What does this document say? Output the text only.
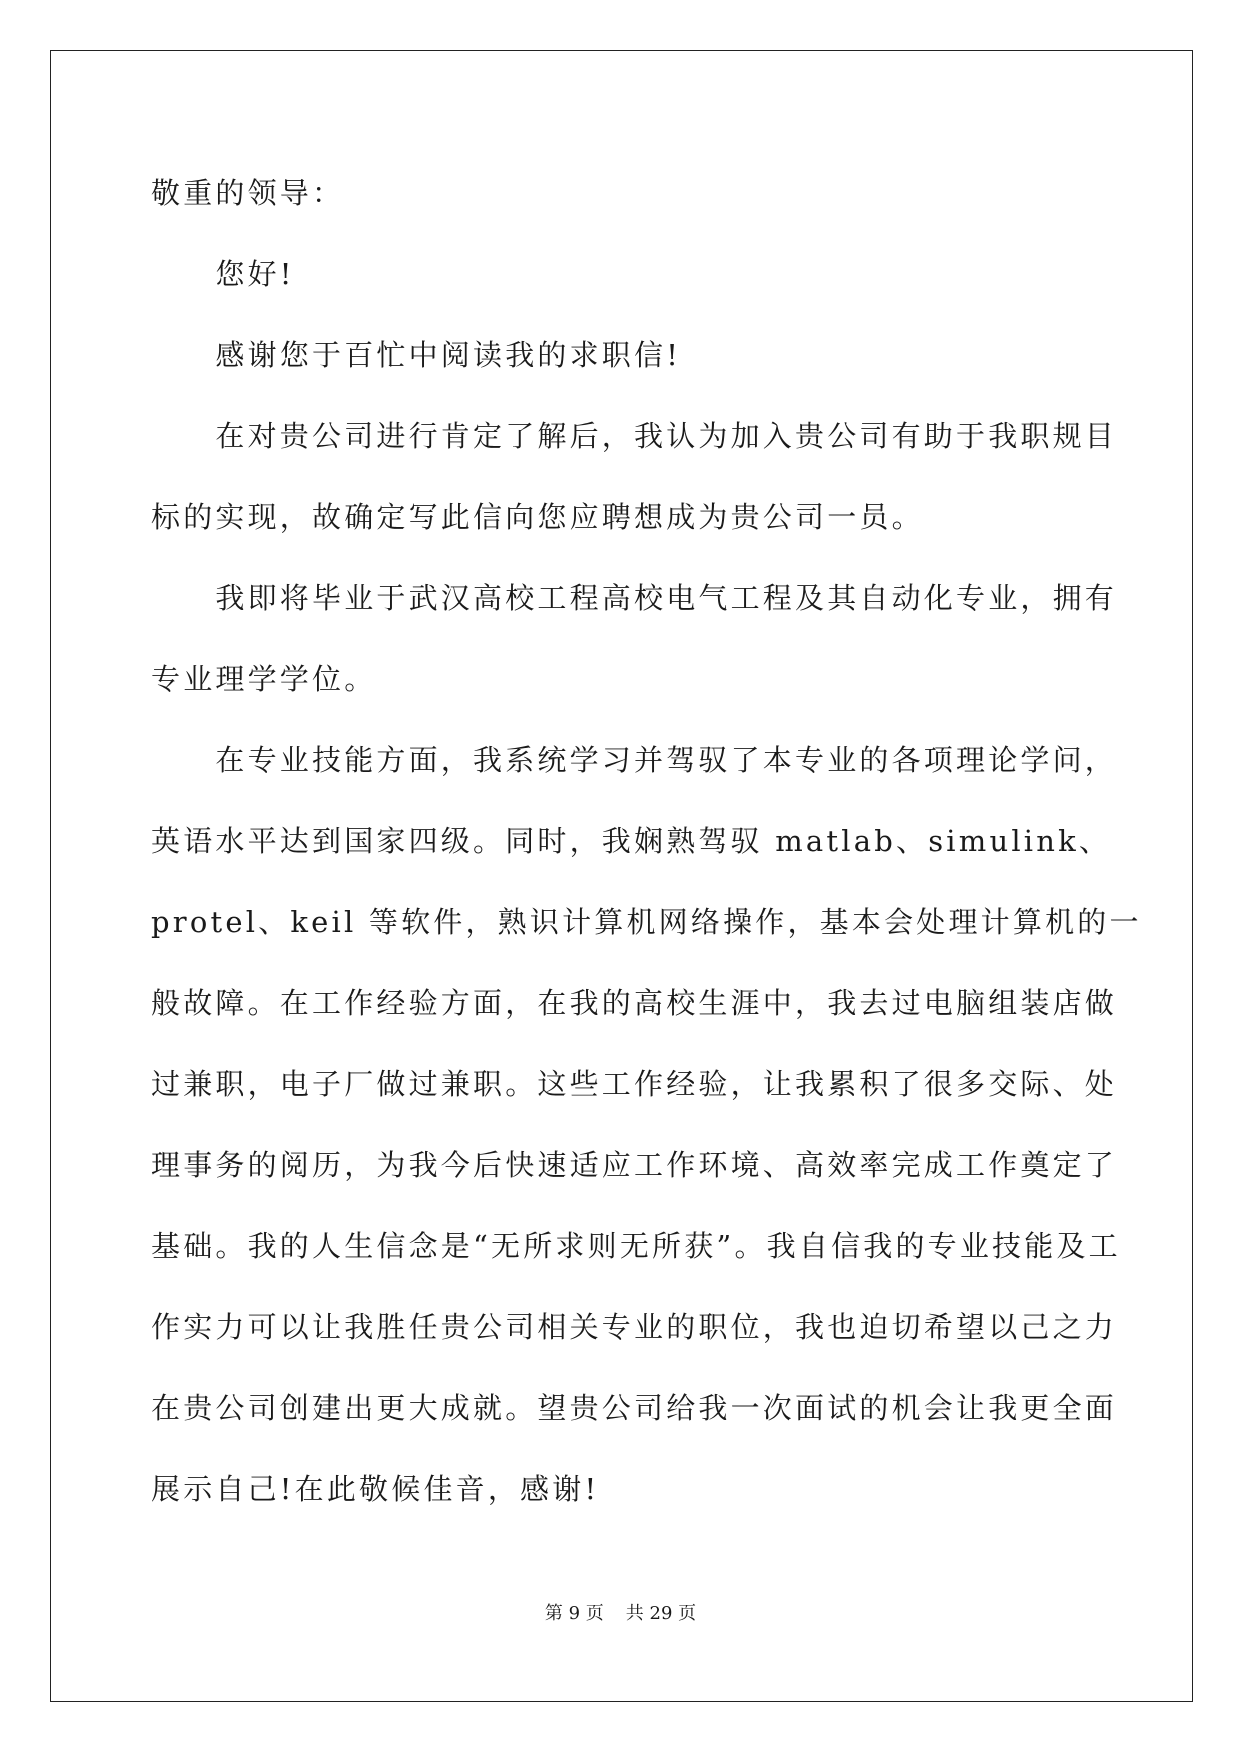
敬重的领导：

　　您好!

　　感谢您于百忙中阅读我的求职信!

　　在对贵公司进行肯定了解后，我认为加入贵公司有助于我职规目

标的实现，故确定写此信向您应聘想成为贵公司一员。

　　我即将毕业于武汉高校工程高校电气工程及其自动化专业，拥有

专业理学学位。

　　在专业技能方面，我系统学习并驾驭了本专业的各项理论学问，

英语水平达到国家四级。同时，我娴熟驾驭 matlab、simulink、

protel、keil 等软件，熟识计算机网络操作，基本会处理计算机的一

般故障。在工作经验方面，在我的高校生涯中，我去过电脑组装店做

过兼职，电子厂做过兼职。这些工作经验，让我累积了很多交际、处

理事务的阅历，为我今后快速适应工作环境、高效率完成工作奠定了

基础。我的人生信念是“无所求则无所获”。我自信我的专业技能及工

作实力可以让我胜任贵公司相关专业的职位，我也迫切希望以己之力

在贵公司创建出更大成就。望贵公司给我一次面试的机会让我更全面

展示自己!在此敬候佳音，感谢!

第 9 页 共 29 页
